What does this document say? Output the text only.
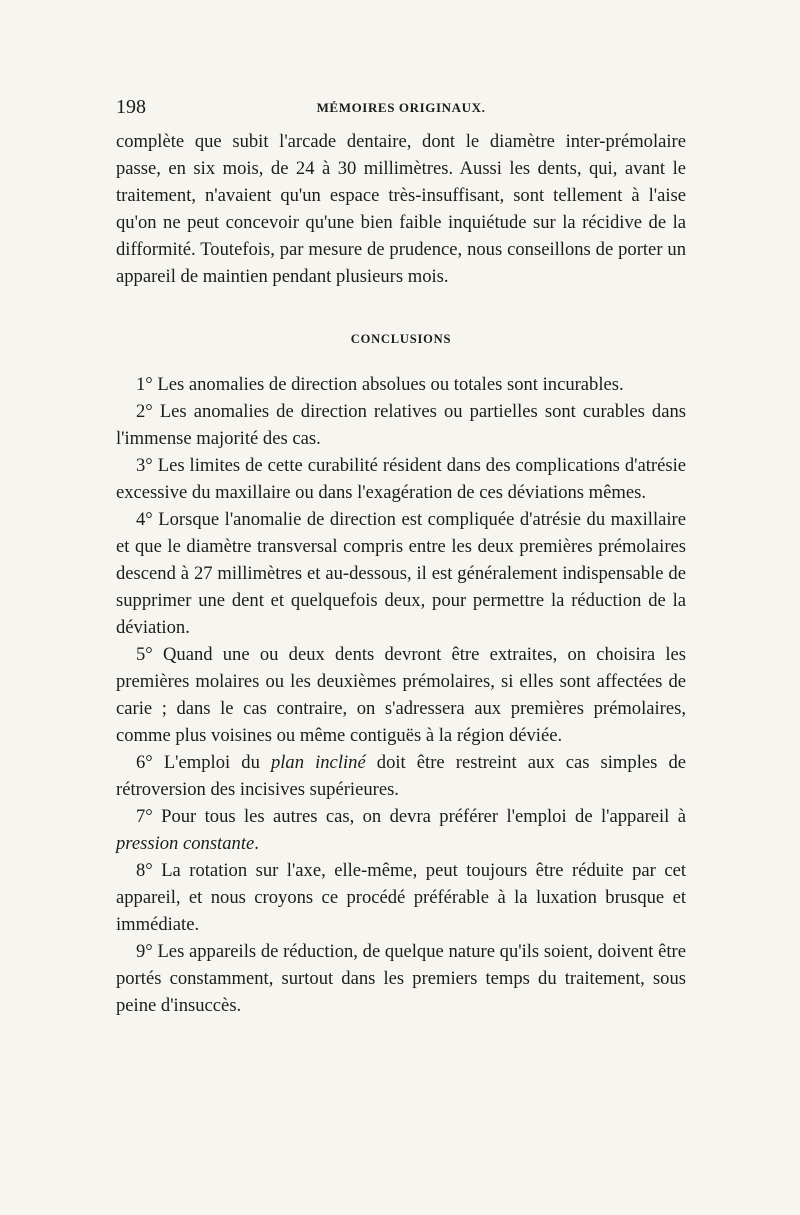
198	MÉMOIRES ORIGINAUX.

complète que subit l'arcade dentaire, dont le diamètre inter-prémolaire passe, en six mois, de 24 à 30 millimètres. Aussi les dents, qui, avant le traitement, n'avaient qu'un espace très-insuffisant, sont tellement à l'aise qu'on ne peut concevoir qu'une bien faible inquiétude sur la récidive de la difformité. Toutefois, par mesure de prudence, nous conseillons de porter un appareil de maintien pendant plusieurs mois.

CONCLUSIONS

1° Les anomalies de direction absolues ou totales sont incurables.

2° Les anomalies de direction relatives ou partielles sont curables dans l'immense majorité des cas.

3° Les limites de cette curabilité résident dans des complications d'atrésie excessive du maxillaire ou dans l'exagération de ces déviations mêmes.

4° Lorsque l'anomalie de direction est compliquée d'atrésie du maxillaire et que le diamètre transversal compris entre les deux premières prémolaires descend à 27 millimètres et au-dessous, il est généralement indispensable de supprimer une dent et quelquefois deux, pour permettre la réduction de la déviation.

5° Quand une ou deux dents devront être extraites, on choisira les premières molaires ou les deuxièmes prémolaires, si elles sont affectées de carie ; dans le cas contraire, on s'adressera aux premières prémolaires, comme plus voisines ou même contiguës à la région déviée.

6° L'emploi du plan incliné doit être restreint aux cas simples de rétroversion des incisives supérieures.

7° Pour tous les autres cas, on devra préférer l'emploi de l'appareil à pression constante.

8° La rotation sur l'axe, elle-même, peut toujours être réduite par cet appareil, et nous croyons ce procédé préférable à la luxation brusque et immédiate.

9° Les appareils de réduction, de quelque nature qu'ils soient, doivent être portés constamment, surtout dans les premiers temps du traitement, sous peine d'insuccès.
